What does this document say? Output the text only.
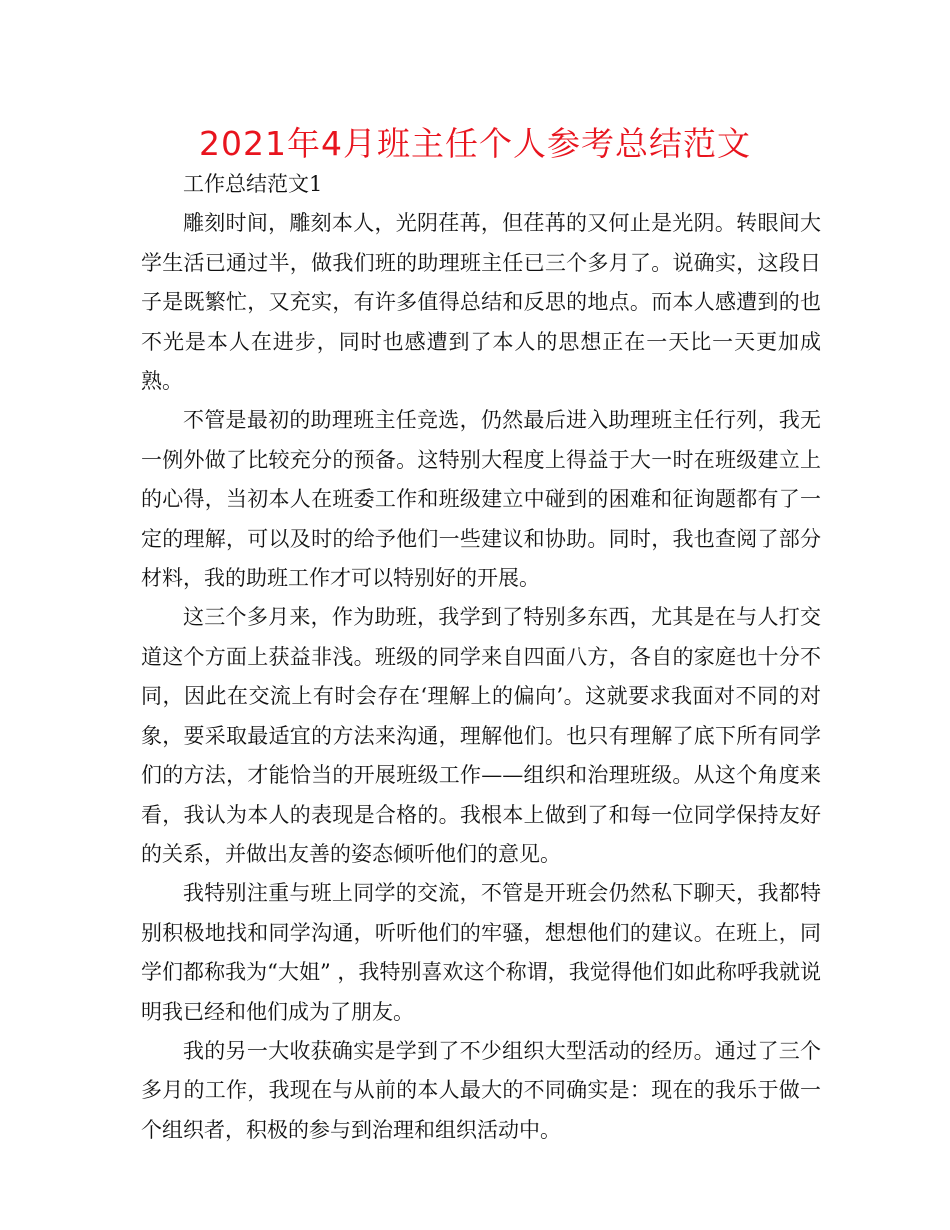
2021年4月班主任个人参考总结范文

工作总结范文1

雕刻时间，雕刻本人，光阴荏苒，但荏苒的又何止是光阴。转眼间大学生活已通过半，做我们班的助理班主任已三个多月了。说确实，这段日子是既繁忙，又充实，有许多值得总结和反思的地点。而本人感遭到的也不光是本人在进步，同时也感遭到了本人的思想正在一天比一天更加成熟。

不管是最初的助理班主任竞选，仍然最后进入助理班主任行列，我无一例外做了比较充分的预备。这特别大程度上得益于大一时在班级建立上的心得，当初本人在班委工作和班级建立中碰到的困难和征询题都有了一定的理解，可以及时的给予他们一些建议和协助。同时，我也查阅了部分材料，我的助班工作才可以特别好的开展。

这三个多月来，作为助班，我学到了特别多东西，尤其是在与人打交道这个方面上获益非浅。班级的同学来自四面八方，各自的家庭也十分不同，因此在交流上有时会存在‘理解上的偏向’。这就要求我面对不同的对象，要采取最适宜的方法来沟通，理解他们。也只有理解了底下所有同学们的方法，才能恰当的开展班级工作——组织和治理班级。从这个角度来看，我认为本人的表现是合格的。我根本上做到了和每一位同学保持友好的关系，并做出友善的姿态倾听他们的意见。

我特别注重与班上同学的交流，不管是开班会仍然私下聊天，我都特别积极地找和同学沟通，听听他们的牢骚，想想他们的建议。在班上，同学们都称我为“大姐” ，我特别喜欢这个称谓，我觉得他们如此称呼我就说明我已经和他们成为了朋友。

我的另一大收获确实是学到了不少组织大型活动的经历。通过了三个多月的工作，我现在与从前的本人最大的不同确实是：现在的我乐于做一个组织者，积极的参与到治理和组织活动中。
